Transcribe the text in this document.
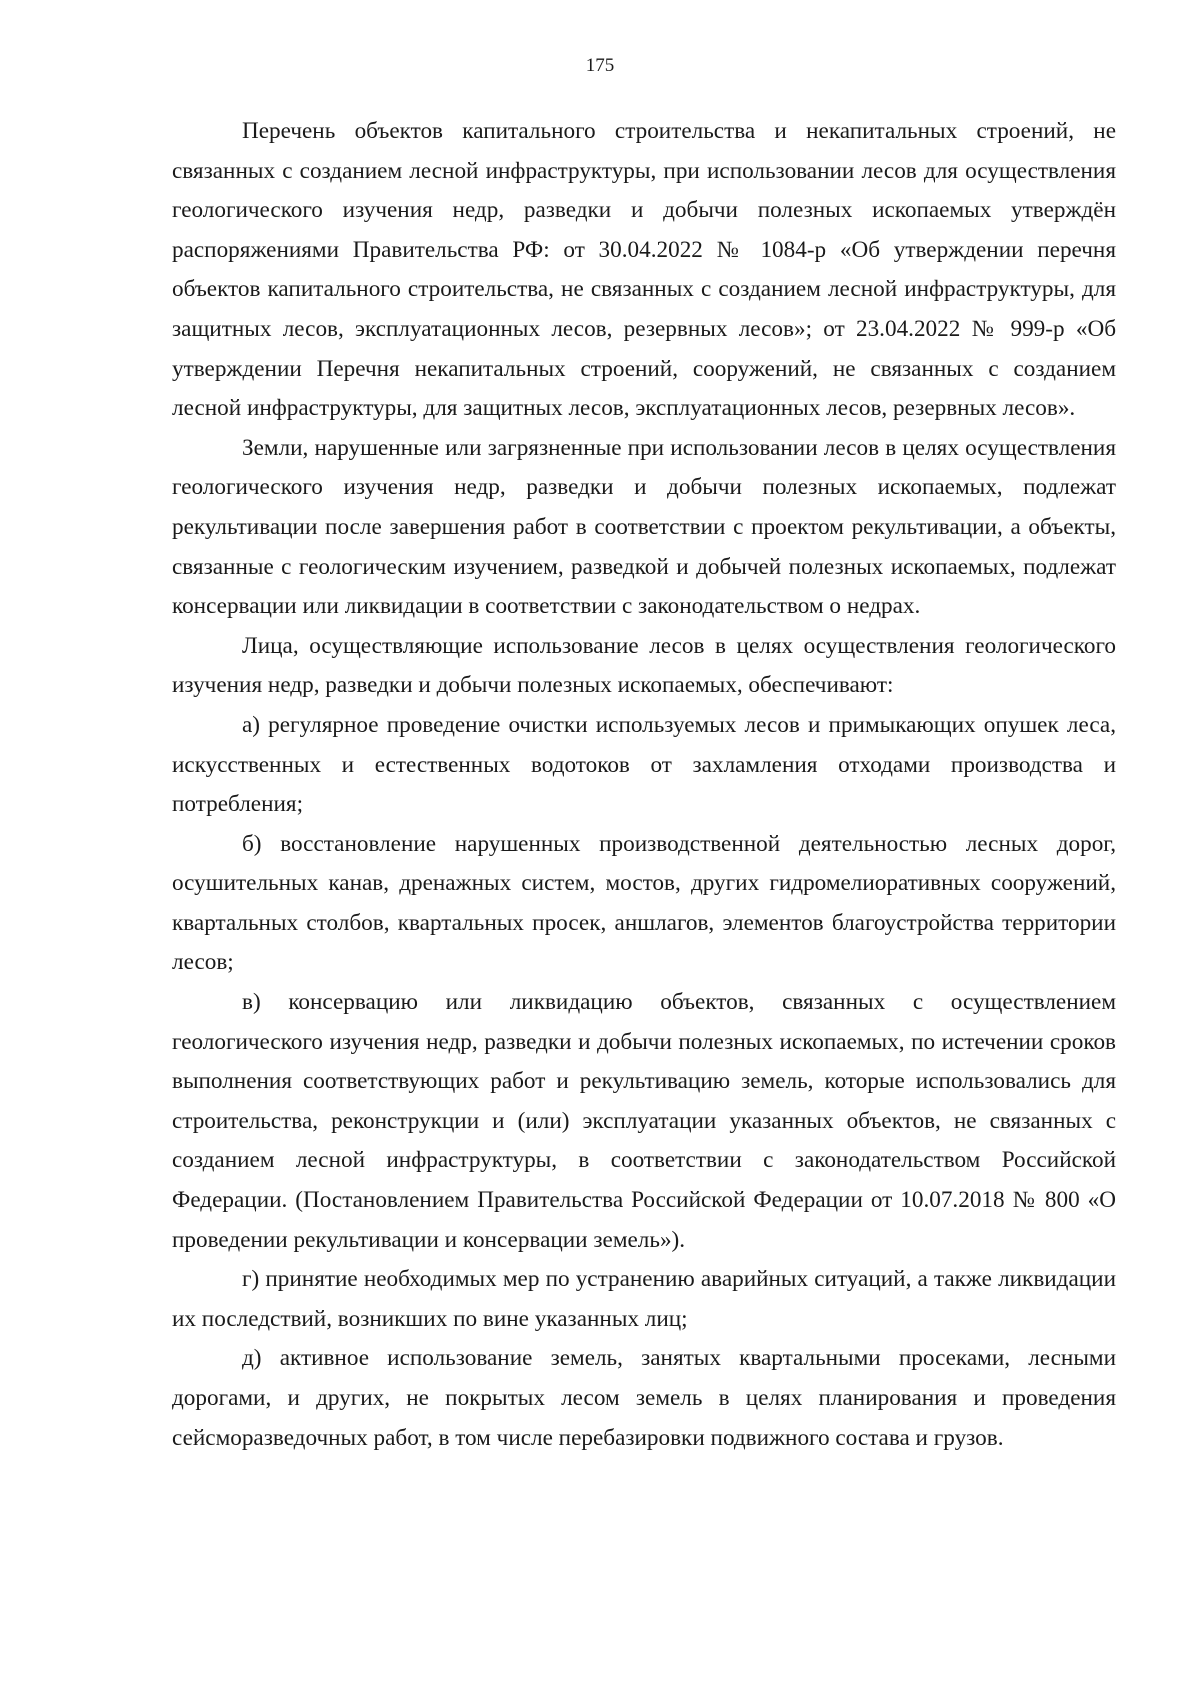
175

Перечень объектов капитального строительства и некапитальных строений, не связанных с созданием лесной инфраструктуры, при использовании лесов для осуществления геологического изучения недр, разведки и добычи полезных ископаемых утверждён распоряжениями Правительства РФ: от 30.04.2022 № 1084-р «Об утверждении перечня объектов капитального строительства, не связанных с созданием лесной инфраструктуры, для защитных лесов, эксплуатационных лесов, резервных лесов»; от 23.04.2022 № 999-р «Об утверждении Перечня некапитальных строений, сооружений, не связанных с созданием лесной инфраструктуры, для защитных лесов, эксплуатационных лесов, резервных лесов».

Земли, нарушенные или загрязненные при использовании лесов в целях осуществления геологического изучения недр, разведки и добычи полезных ископаемых, подлежат рекультивации после завершения работ в соответствии с проектом рекультивации, а объекты, связанные с геологическим изучением, разведкой и добычей полезных ископаемых, подлежат консервации или ликвидации в соответствии с законодательством о недрах.

Лица, осуществляющие использование лесов в целях осуществления геологического изучения недр, разведки и добычи полезных ископаемых, обеспечивают:

а) регулярное проведение очистки используемых лесов и примыкающих опушек леса, искусственных и естественных водотоков от захламления отходами производства и потребления;

б) восстановление нарушенных производственной деятельностью лесных дорог, осушительных канав, дренажных систем, мостов, других гидромелиоративных сооружений, квартальных столбов, квартальных просек, аншлагов, элементов благоустройства территории лесов;

в) консервацию или ликвидацию объектов, связанных с осуществлением геологического изучения недр, разведки и добычи полезных ископаемых, по истечении сроков выполнения соответствующих работ и рекультивацию земель, которые использовались для строительства, реконструкции и (или) эксплуатации указанных объектов, не связанных с созданием лесной инфраструктуры, в соответствии с законодательством Российской Федерации. (Постановлением Правительства Российской Федерации от 10.07.2018 № 800 «О проведении рекультивации и консервации земель»).

г) принятие необходимых мер по устранению аварийных ситуаций, а также ликвидации их последствий, возникших по вине указанных лиц;

д) активное использование земель, занятых квартальными просеками, лесными дорогами, и других, не покрытых лесом земель в целях планирования и проведения сейсморазведочных работ, в том числе перебазировки подвижного состава и грузов.
